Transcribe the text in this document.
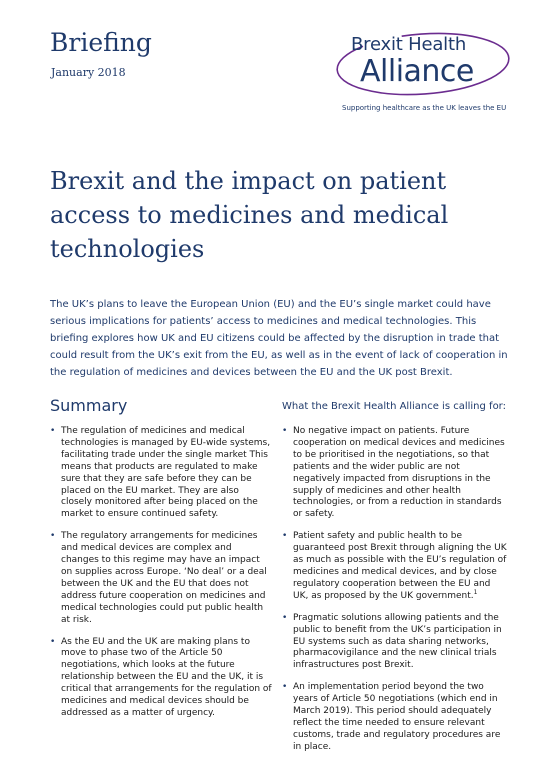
Briefing
January 2018
Brexit Health
Alliance
Supporting healthcare as the UK leaves the EU
Brexit and the impact on patient access to medicines and medical technologies

The UK’s plans to leave the European Union (EU) and the EU’s single market could have serious implications for patients’ access to medicines and medical technologies. This briefing explores how UK and EU citizens could be affected by the disruption in trade that could result from the UK’s exit from the EU, as well as in the event of lack of cooperation in the regulation of medicines and devices between the EU and the UK post Brexit.

Summary	What the Brexit Health Alliance is calling for:
• The regulation of medicines and medical technologies is managed by EU-wide systems, facilitating trade under the single market This means that products are regulated to make sure that they are safe before they can be placed on the EU market. They are also closely monitored after being placed on the market to ensure continued safety.
• The regulatory arrangements for medicines and medical devices are complex and changes to this regime may have an impact on supplies across Europe. ‘No deal’ or a deal between the UK and the EU that does not address future cooperation on medicines and medical technologies could put public health at risk.
• As the EU and the UK are making plans to move to phase two of the Article 50 negotiations, which looks at the future relationship between the EU and the UK, it is critical that arrangements for the regulation of medicines and medical devices should be addressed as a matter of urgency.
• No negative impact on patients. Future cooperation on medical devices and medicines to be prioritised in the negotiations, so that patients and the wider public are not negatively impacted from disruptions in the supply of medicines and other health technologies, or from a reduction in standards or safety.
• Patient safety and public health to be guaranteed post Brexit through aligning the UK as much as possible with the EU’s regulation of medicines and medical devices, and by close regulatory cooperation between the EU and UK, as proposed by the UK government.$^1$
• Pragmatic solutions allowing patients and the public to benefit from the UK’s participation in EU systems such as data sharing networks, pharmacovigilance and the new clinical trials infrastructures post Brexit.
• An implementation period beyond the two years of Article 50 negotiations (which end in March 2019). This period should adequately reflect the time needed to ensure relevant customs, trade and regulatory procedures are in place.
